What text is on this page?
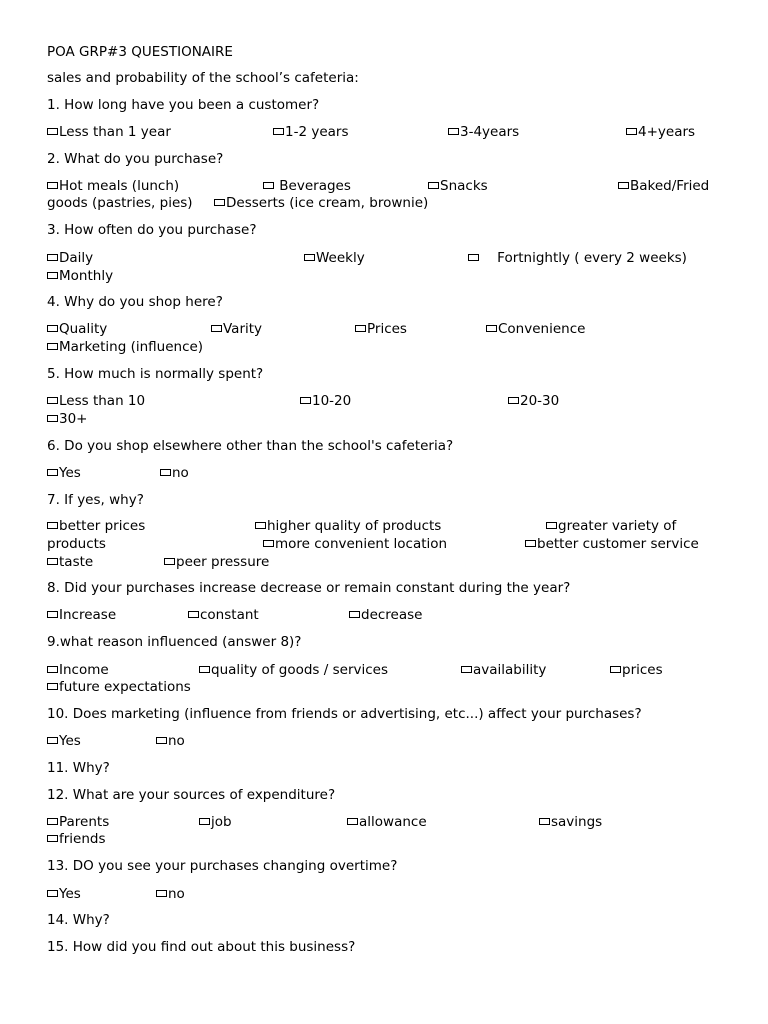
POA GRP#3 QUESTIONAIRE
sales and probability of the school’s cafeteria:
1. How long have you been a customer?
Less than 1 year	1-2 years	3-4years	4+years
2. What do you purchase?
Hot meals (lunch)	Beverages	Snacks	Baked/Fried
goods (pastries, pies)	Desserts (ice cream, brownie)
3. How often do you purchase?
Daily	Weekly	Fortnightly ( every 2 weeks)
Monthly
4. Why do you shop here?
Quality	Varity	Prices	Convenience
Marketing (influence)
5. How much is normally spent?
Less than 10	10-20	20-30
30+
6. Do you shop elsewhere other than the school's cafeteria?
Yes	no
7. If yes, why?
better prices	higher quality of products	greater variety of
products	more convenient location	better customer service
taste	peer pressure
8. Did your purchases increase decrease or remain constant during the year?
Increase	constant	decrease
9.what reason influenced (answer 8)?
Income	quality of goods / services	availability	prices
future expectations
10. Does marketing (influence from friends or advertising, etc...) affect your purchases?
Yes	no
11. Why?
12. What are your sources of expenditure?
Parents	job	allowance	savings
friends
13. DO you see your purchases changing overtime?
Yes	no
14. Why?
15. How did you find out about this business?
